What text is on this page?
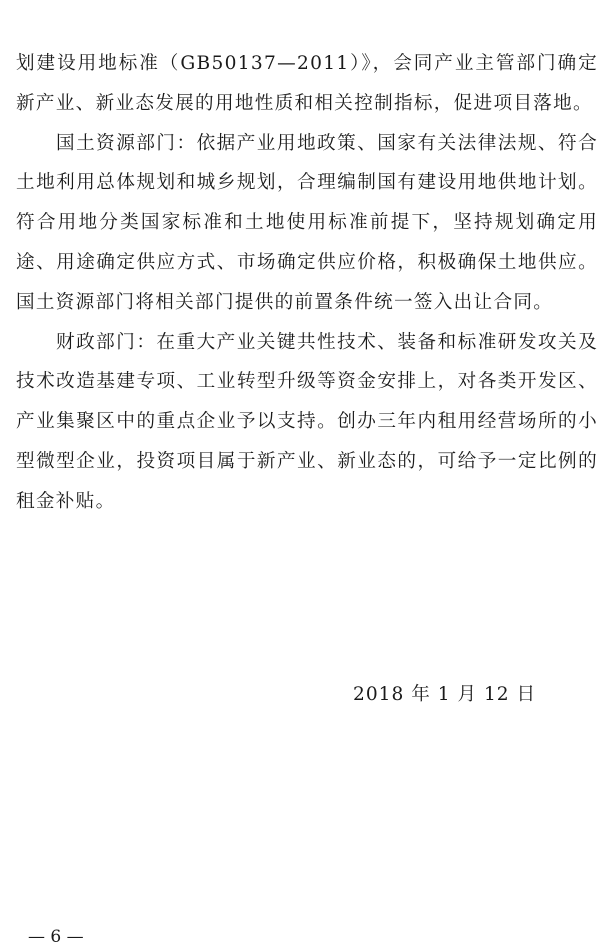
划建设用地标准（GB50137—2011）》，会同产业主管部门确定新产业、新业态发展的用地性质和相关控制指标，促进项目落地。

国土资源部门：依据产业用地政策、国家有关法律法规、符合土地利用总体规划和城乡规划，合理编制国有建设用地供地计划。符合用地分类国家标准和土地使用标准前提下，坚持规划确定用途、用途确定供应方式、市场确定供应价格，积极确保土地供应。国土资源部门将相关部门提供的前置条件统一签入出让合同。

财政部门：在重大产业关键共性技术、装备和标准研发攻关及技术改造基建专项、工业转型升级等资金安排上，对各类开发区、产业集聚区中的重点企业予以支持。创办三年内租用经营场所的小型微型企业，投资项目属于新产业、新业态的，可给予一定比例的租金补贴。

2018 年 1 月 12 日
— 6 —
